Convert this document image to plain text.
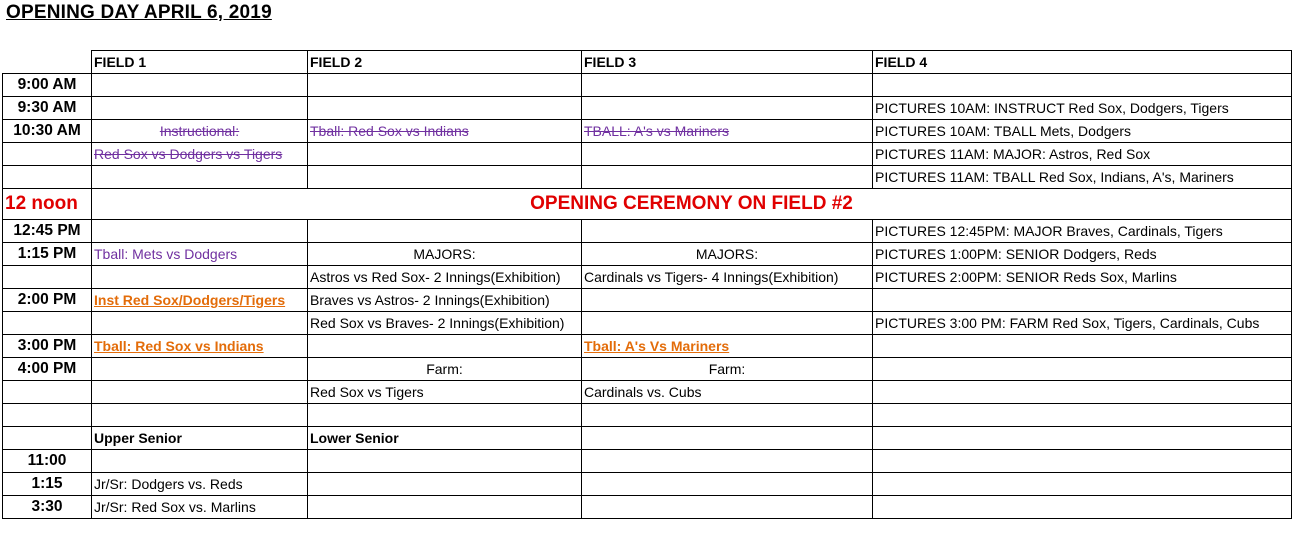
OPENING DAY APRIL 6, 2019
	FIELD 1	FIELD 2	FIELD 3	FIELD 4
9:00 AM				
9:30 AM				PICTURES 10AM: INSTRUCT Red Sox, Dodgers, Tigers
10:30 AM	Instructional:	Tball: Red Sox vs Indians	TBALL: A's vs Mariners	PICTURES 10AM: TBALL Mets, Dodgers
	Red Sox vs Dodgers vs Tigers			PICTURES 11AM: MAJOR: Astros, Red Sox
				PICTURES 11AM: TBALL Red Sox, Indians, A's, Mariners
12 noon	OPENING CEREMONY ON FIELD #2			
12:45 PM				PICTURES 12:45PM: MAJOR Braves, Cardinals, Tigers
1:15 PM	Tball: Mets vs Dodgers	MAJORS:	MAJORS:	PICTURES 1:00PM: SENIOR Dodgers, Reds
		Astros vs Red Sox- 2 Innings(Exhibition)	Cardinals vs Tigers- 4 Innings(Exhibition)	PICTURES 2:00PM: SENIOR Reds Sox, Marlins
2:00 PM	Inst Red Sox/Dodgers/Tigers	Braves vs Astros- 2 Innings(Exhibition)		
		Red Sox vs Braves- 2 Innings(Exhibition)		PICTURES 3:00 PM: FARM Red Sox, Tigers, Cardinals, Cubs
3:00 PM	Tball: Red Sox vs Indians		Tball: A's Vs Mariners	
4:00 PM		Farm:	Farm:	
		Red Sox vs Tigers	Cardinals vs. Cubs	

	Upper Senior	Lower Senior		
11:00				
1:15	Jr/Sr: Dodgers vs. Reds			
3:30	Jr/Sr: Red Sox vs. Marlins			
